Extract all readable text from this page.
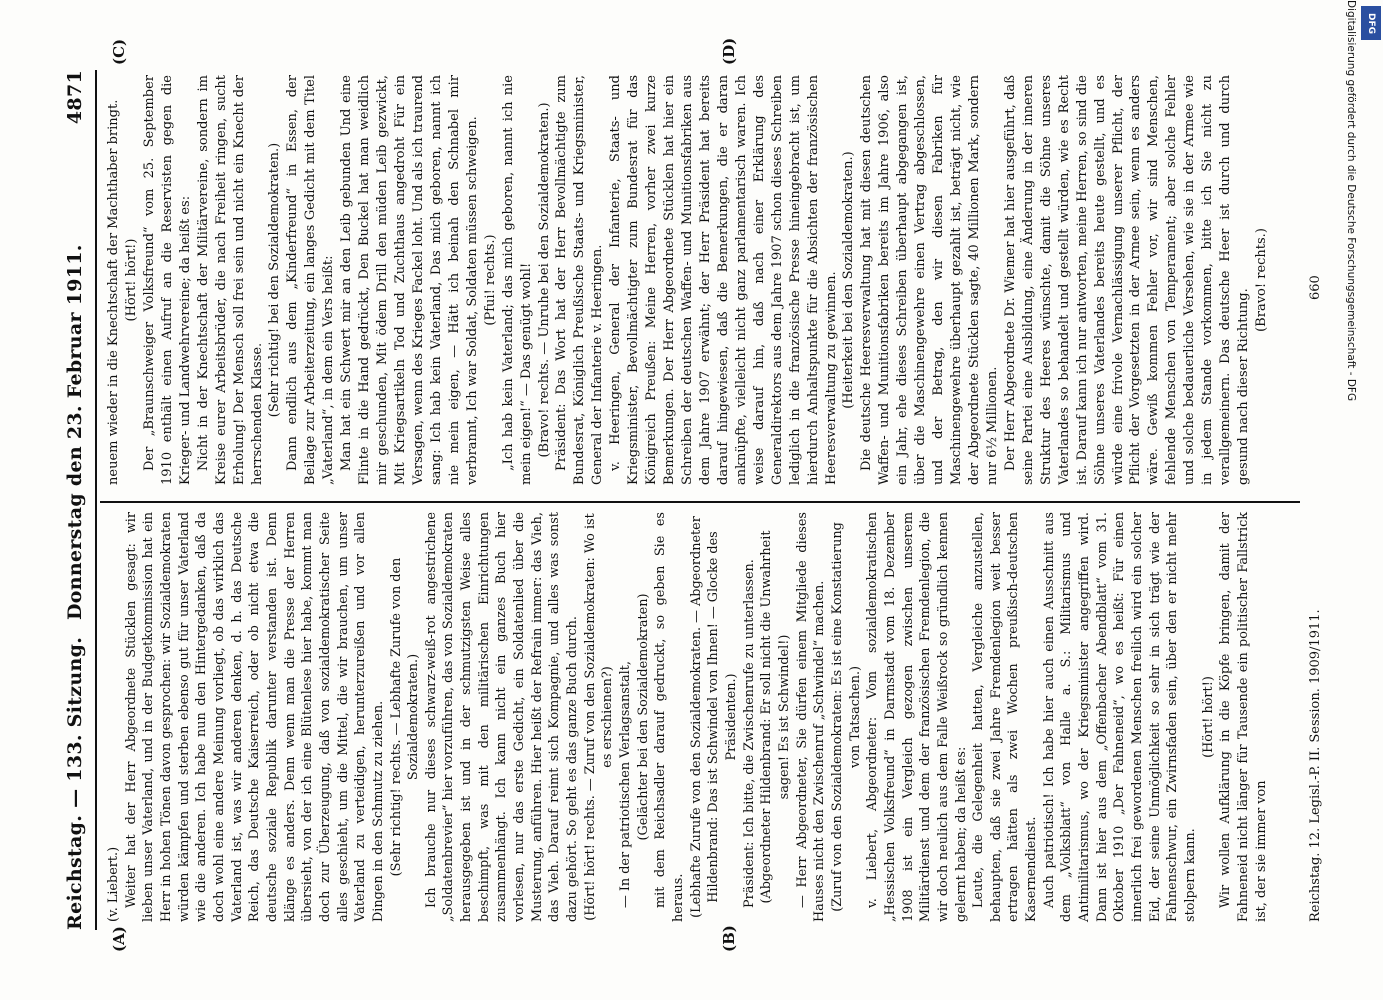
Reichstag. — 133. Sitzung.
Donnerstag den 23. Februar 1911.
4871
(A)	(B)
(C)	(D)

(v. Liebert.) Weiter hat der Herr Abgeordnete Stücklen gesagt: wir lieben unser Vaterland, und in der Budgetkommission hat ein Herr in hohen Tönen davon gesprochen: wir Sozialdemokraten würden kämpfen und sterben ebenso gut für unser Vaterland wie die anderen. Ich habe nun den Hintergedanken, daß da doch wohl eine andere Meinung vorliegt, ob das wirklich das Vaterland ist, was wir anderen denken, d. h. das Deutsche Reich, das Deutsche Kaiserreich, oder ob nicht etwa die deutsche soziale Republik darunter verstanden ist. Denn klänge es anders. Denn wenn man die Presse der Herren übersieht, von der ich eine Blütenlese hier habe, kommt man doch zur Überzeugung, daß von sozialdemokratischer Seite alles geschieht, um die Mittel, die wir brauchen, um unser Vaterland zu verteidigen, herunterzureißen und vor allen Dingen in den Schmutz zu ziehen. (Sehr richtig! rechts. — Lebhafte Zurufe von den Sozialdemokraten.) Ich brauche nur dieses schwarz-weiß-rot angestrichene „Soldatenbrevier“ hier vorzuführen, das von Sozialdemokraten herausgegeben ist und in der schmutzigsten Weise alles beschimpft, was mit den militärischen Einrichtungen zusammenhängt. Ich kann nicht ein ganzes Buch hier vorlesen, nur das erste Gedicht, ein Soldatenlied über die Musterung, anführen. Hier heißt der Refrain immer: das Vieh, das Vieh. Darauf reimt sich Kompagnie, und alles was sonst dazu gehört. So geht es das ganze Buch durch. (Hört! hört! rechts. — Zuruf von den Sozialdemokraten: Wo ist es erschienen?) — In der patriotischen Verlagsanstalt, (Gelächter bei den Sozialdemokraten) mit dem Reichsadler darauf gedruckt, so geben Sie es heraus. (Lebhafte Zurufe von den Sozialdemokraten. — Abgeordneter Hildenbrand: Das ist Schwindel von Ihnen! — Glocke des Präsidenten.) Präsident: Ich bitte, die Zwischenrufe zu unterlassen. (Abgeordneter Hildenbrand: Er soll nicht die Unwahrheit sagen! Es ist Schwindel!) — Herr Abgeordneter, Sie dürfen einem Mitgliede dieses Hauses nicht den Zwischenruf „Schwindel“ machen. (Zuruf von den Sozialdemokraten: Es ist eine Konstatierung von Tatsachen.) v. Liebert, Abgeordneter: Vom sozialdemokratischen „Hessischen Volksfreund“ in Darmstadt vom 18. Dezember 1908 ist ein Vergleich gezogen zwischen unserem Militärdienst und dem der französischen Fremdenlegion, die wir doch neulich aus dem Falle Weißrock so gründlich kennen gelernt haben; da heißt es: Leute, die Gelegenheit hatten, Vergleiche anzustellen, behaupten, daß sie zwei Jahre Fremdenlegion weit besser ertragen hätten als zwei Wochen preußisch-deutschen Kasernendienst. Auch patriotisch! Ich habe hier auch einen Ausschnitt aus dem „Volksblatt“ von Halle a. S.: Militarismus und Antimilitarismus, wo der Kriegsminister angegriffen wird. Dann ist hier aus dem „Offenbacher Abendblatt“ vom 31. Oktober 1910 „Der Fahneneid“, wo es heißt: Für einen innerlich frei gewordenen Menschen freilich wird ein solcher Eid, der seine Unmöglichkeit so sehr in sich trägt wie der Fahnenschwur, ein Zwirnsfaden sein, über den er nicht mehr stolpern kann.

(Hört! hört!) Wir wollen Aufklärung in die Köpfe bringen, damit der Fahneneid nicht länger für Tausende ein politischer Fallstrick ist, der sie immer von

neuem wieder in die Knechtschaft der Machthaber bringt. (Hört! hört!) Der „Braunschweiger Volksfreund“ vom 25. September 1910 enthält einen Aufruf an die Reservisten gegen die Krieger- und Landwehrvereine; da heißt es: Nicht in der Knechtschaft der Militärvereine, sondern im Kreise eurer Arbeitsbrüder, die nach Freiheit ringen, sucht Erholung! Der Mensch soll frei sein und nicht ein Knecht der herrschenden Klasse. (Sehr richtig! bei den Sozialdemokraten.) Dann endlich aus dem „Kinderfreund“ in Essen, der Beilage zur Arbeiterzeitung, ein langes Gedicht mit dem Titel „Vaterland“, in dem ein Vers heißt: Man hat ein Schwert mir an den Leib gebunden Und eine Flinte in die Hand gedrückt, Den Buckel hat man weidlich mir geschunden, Mit ödem Drill den müden Leib gezwickt, Mit Kriegsartikeln Tod und Zuchthaus angedroht Für ein Versagen, wenn des Krieges Fackel loht. Und als ich traurend sang: Ich hab kein Vaterland, Das mich geboren, nannt ich nie mein eigen, — Hätt ich beinah den Schnabel mir verbrannt, Ich war Soldat, Soldaten müssen schweigen. (Pfui! rechts.) „Ich hab kein Vaterland; das mich geboren, nannt ich nie mein eigen!“ — Das genügt wohl! (Bravo! rechts. — Unruhe bei den Sozialdemokraten.) Präsident: Das Wort hat der Herr Bevollmächtigte zum Bundesrat, Königlich Preußische Staats- und Kriegsminister, General der Infanterie v. Heeringen. v. Heeringen, General der Infanterie, Staats- und Kriegsminister, Bevollmächtigter zum Bundesrat für das Königreich Preußen: Meine Herren, vorher zwei kurze Bemerkungen. Der Herr Abgeordnete Stücklen hat hier ein Schreiben der deutschen Waffen- und Munitionsfabriken aus dem Jahre 1907 erwähnt; der Herr Präsident hat bereits darauf hingewiesen, daß die Bemerkungen, die er daran anknüpfte, vielleicht nicht ganz parlamentarisch waren. Ich weise darauf hin, daß nach einer Erklärung des Generaldirektors aus dem Jahre 1907 schon dieses Schreiben lediglich in die französische Presse hineingebracht ist, um hierdurch Anhaltspunkte für die Absichten der französischen Heeresverwaltung zu gewinnen. (Heiterkeit bei den Sozialdemokraten.) Die deutsche Heeresverwaltung hat mit diesen deutschen Waffen- und Munitionsfabriken bereits im Jahre 1906, also ein Jahr, ehe dieses Schreiben überhaupt abgegangen ist, über die Maschinengewehre einen Vertrag abgeschlossen, und der Betrag, den wir diesen Fabriken für Maschinengewehre überhaupt gezahlt ist, beträgt nicht, wie der Abgeordnete Stücklen sagte, 40 Millionen Mark, sondern nur 6½ Millionen. Der Herr Abgeordnete Dr. Wiemer hat hier ausgeführt, daß seine Partei eine Ausbildung, eine Änderung in der inneren Struktur des Heeres wünschte, damit die Söhne unseres Vaterlandes so behandelt und gestellt würden, wie es Recht ist. Darauf kann ich nur antworten, meine Herren, so sind die Söhne unseres Vaterlandes bereits heute gestellt, und es würde eine frivole Vernachlässigung unserer Pflicht, der Pflicht der Vorgesetzten in der Armee sein, wenn es anders wäre. Gewiß kommen Fehler vor, wir sind Menschen, fehlende Menschen von Temperament; aber solche Fehler und solche bedauerliche Versehen, wie sie in der Armee wie in jedem Stande vorkommen, bitte ich Sie nicht zu verallgemeinern. Das deutsche Heer ist durch und durch gesund nach dieser Richtung.

(Bravo! rechts.)

Reichstag. 12. Legisl.-P. II. Session. 1909/1911.
660	Digitalisierung gefördert durch die Deutsche Forschungsgemeinschaft - DFG DFG
